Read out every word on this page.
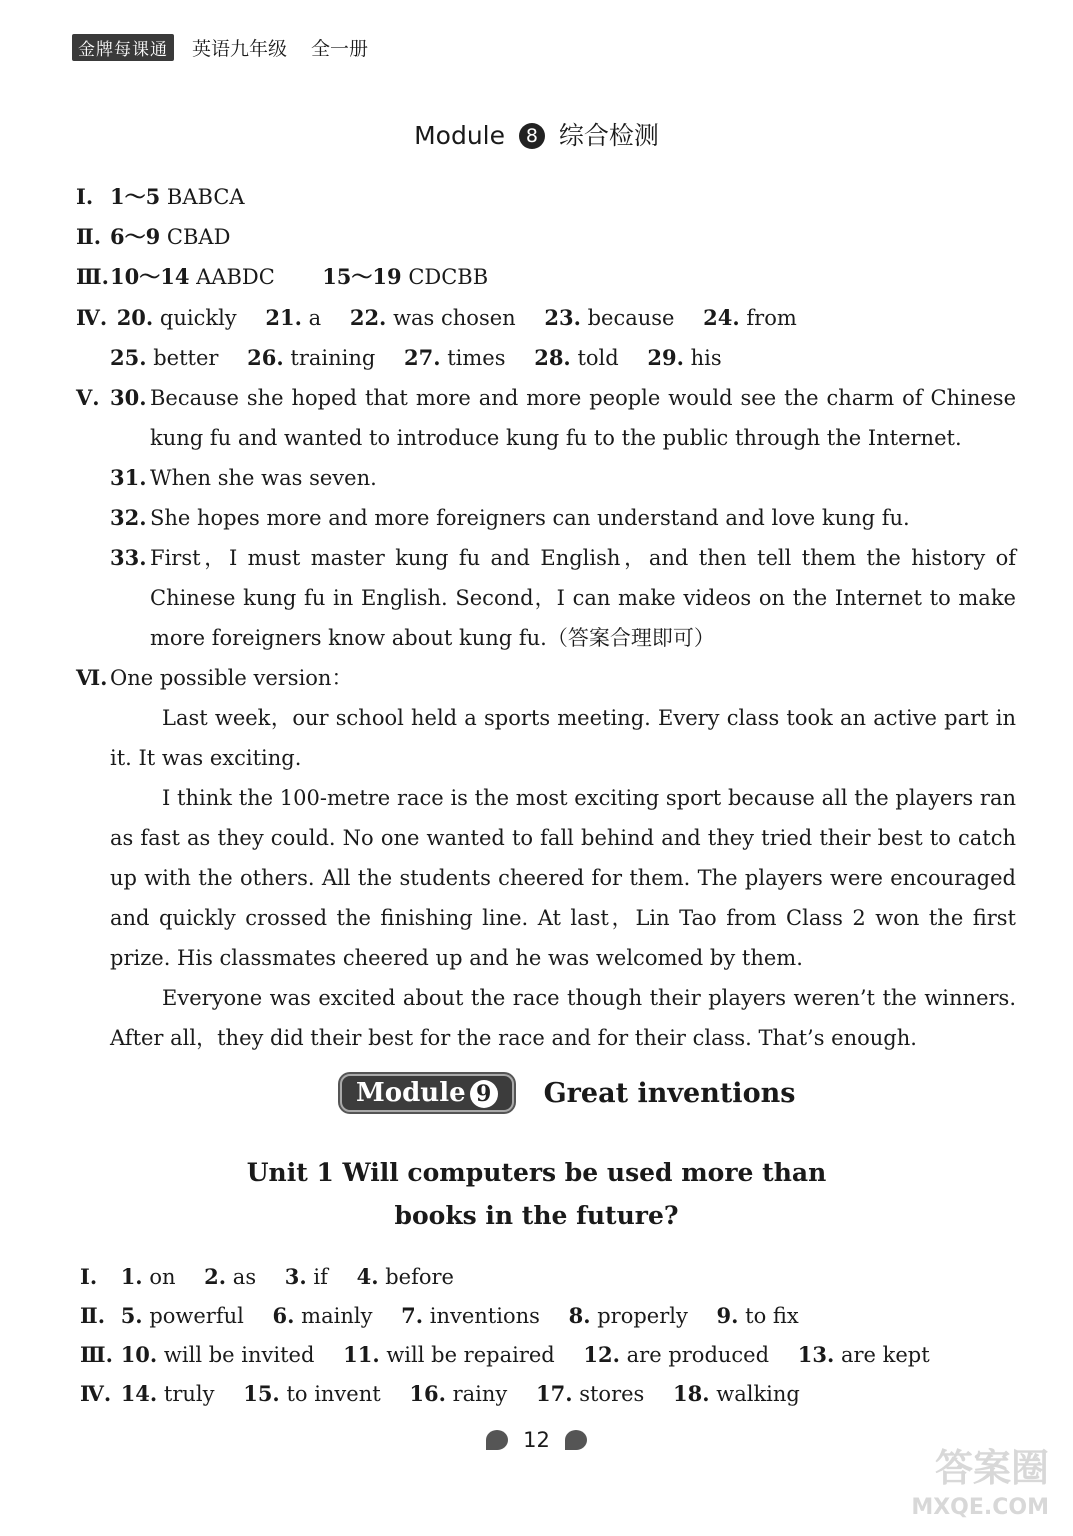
金牌每课通	英语九年级 全一册
Module 8 综合检测
Ⅰ. 1～5 BABCA
Ⅱ. 6～9 CBAD
Ⅲ.10～14 AABDC 15～19 CDCBB
Ⅳ. 20. quickly 21. a 22. was chosen 23. because 24. from
25. better 26. training 27. times 28. told 29. his
Ⅴ. 30. Because she hoped that more and more people would see the charm of Chinese kung fu and wanted to introduce kung fu to the public through the Internet.
31. When she was seven.
32. She hopes more and more foreigners can understand and love kung fu.
33. First，I must master kung fu and English，and then tell them the history of Chinese kung fu in English. Second，I can make videos on the Internet to make more foreigners know about kung fu.（答案合理即可）
Ⅵ. One possible version：
Last week，our school held a sports meeting. Every class took an active part in it. It was exciting.
I think the 100-metre race is the most exciting sport because all the players ran as fast as they could. No one wanted to fall behind and they tried their best to catch up with the others. All the students cheered for them. The players were encouraged and quickly crossed the finishing line. At last，Lin Tao from Class 2 won the first prize. His classmates cheered up and he was welcomed by them.
Everyone was excited about the race though their players weren’t the winners. After all，they did their best for the race and for their class. That’s enough.
Module 9	Great inventions
Unit 1 Will computers be used more than
books in the future?
Ⅰ. 1. on 2. as 3. if 4. before
Ⅱ. 5. powerful 6. mainly 7. inventions 8. properly 9. to fix
Ⅲ. 10. will be invited 11. will be repaired 12. are produced 13. are kept
Ⅳ. 14. truly 15. to invent 16. rainy 17. stores 18. walking
12
答案圈
MXQE.COM
